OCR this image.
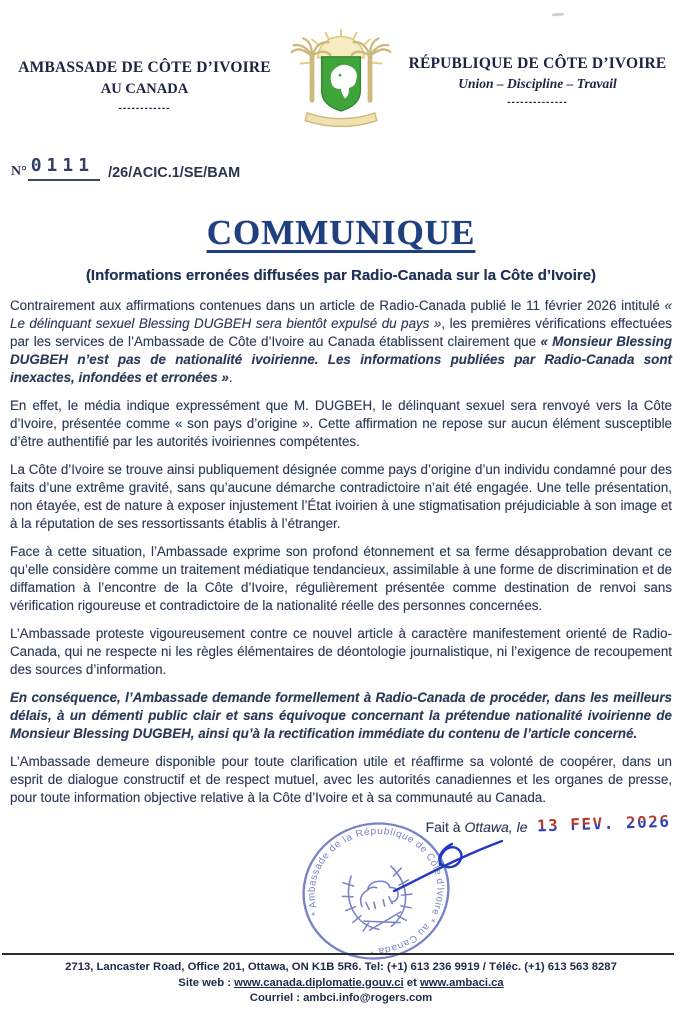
AMBASSADE DE CÔTE D’IVOIRE
AU CANADA
------------
RÉPUBLIQUE DE CÔTE D’IVOIRE
Union – Discipline – Travail
--------------
N° 0111 /26/ACIC.1/SE/BAM
COMMUNIQUE
(Informations erronées diffusées par Radio-Canada sur la Côte d’Ivoire)

Contrairement aux affirmations contenues dans un article de Radio-Canada publié le 11 février 2026 intitulé « Le délinquant sexuel Blessing DUGBEH sera bientôt expulsé du pays », les premières vérifications effectuées par les services de l’Ambassade de Côte d’Ivoire au Canada établissent clairement que « Monsieur Blessing DUGBEH n’est pas de nationalité ivoirienne. Les informations publiées par Radio-Canada sont inexactes, infondées et erronées ».

En effet, le média indique expressément que M. DUGBEH, le délinquant sexuel sera renvoyé vers la Côte d’Ivoire, présentée comme « son pays d’origine ». Cette affirmation ne repose sur aucun élément susceptible d’être authentifié par les autorités ivoiriennes compétentes.

La Côte d’Ivoire se trouve ainsi publiquement désignée comme pays d’origine d’un individu condamné pour des faits d’une extrême gravité, sans qu’aucune démarche contradictoire n’ait été engagée. Une telle présentation, non étayée, est de nature à exposer injustement l’État ivoirien à une stigmatisation préjudiciable à son image et à la réputation de ses ressortissants établis à l’étranger.

Face à cette situation, l’Ambassade exprime son profond étonnement et sa ferme désapprobation devant ce qu’elle considère comme un traitement médiatique tendancieux, assimilable à une forme de discrimination et de diffamation à l’encontre de la Côte d’Ivoire, régulièrement présentée comme destination de renvoi sans vérification rigoureuse et contradictoire de la nationalité réelle des personnes concernées.

L’Ambassade proteste vigoureusement contre ce nouvel article à caractère manifestement orienté de Radio-Canada, qui ne respecte ni les règles élémentaires de déontologie journalistique, ni l’exigence de recoupement des sources d’information.

En conséquence, l’Ambassade demande formellement à Radio-Canada de procéder, dans les meilleurs délais, à un démenti public clair et sans équivoque concernant la prétendue nationalité ivoirienne de Monsieur Blessing DUGBEH, ainsi qu’à la rectification immédiate du contenu de l’article concerné.

L’Ambassade demeure disponible pour toute clarification utile et réaffirme sa volonté de coopérer, dans un esprit de dialogue constructif et de respect mutuel, avec les autorités canadiennes et les organes de presse, pour toute information objective relative à la Côte d’Ivoire et à sa communauté au Canada.

Fait à Ottawa, le 13 FEV. 2026
* Ambassade de la République de Côte d’Ivoire * au Canada *
2713, Lancaster Road, Office 201, Ottawa, ON K1B 5R6. Tel: (+1) 613 236 9919 / Téléc. (+1) 613 563 8287
Site web : www.canada.diplomatie.gouv.ci et www.ambaci.ca
Courriel : ambci.info@rogers.com
